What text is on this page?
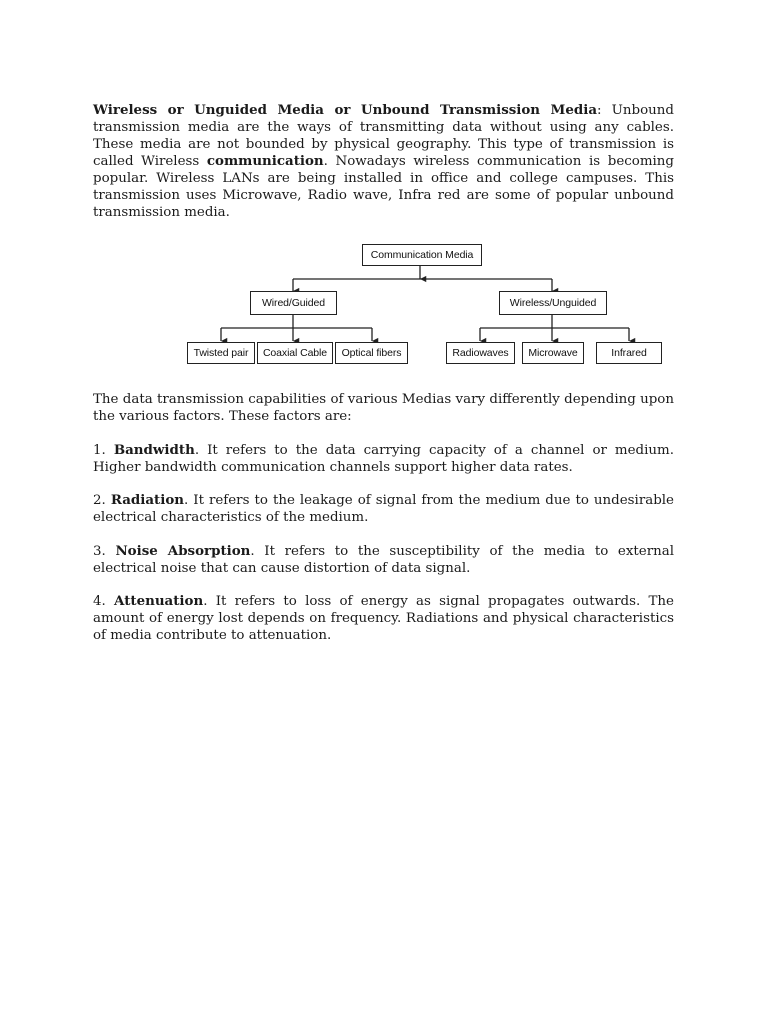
Wireless or Unguided Media or Unbound Transmission Media: Unbound transmission media are the ways of transmitting data without using any cables. These media are not bounded by physical geography. This type of transmission is called Wireless communication. Nowadays wireless communication is becoming popular. Wireless LANs are being installed in office and college campuses. This transmission uses Microwave, Radio wave, Infra red are some of popular unbound transmission media.

Communication Media
Wired/Guided	Wireless/Unguided
Twisted pair Coaxial Cable Optical fibers	Radiowaves Microwave	Infrared

The data transmission capabilities of various Medias vary differently depending upon the various factors. These factors are:

1. Bandwidth. It refers to the data carrying capacity of a channel or medium. Higher bandwidth communication channels support higher data rates.

2. Radiation. It refers to the leakage of signal from the medium due to undesirable electrical characteristics of the medium.

3. Noise Absorption. It refers to the susceptibility of the media to external electrical noise that can cause distortion of data signal.

4. Attenuation. It refers to loss of energy as signal propagates outwards. The amount of energy lost depends on frequency. Radiations and physical characteristics of media contribute to attenuation.
